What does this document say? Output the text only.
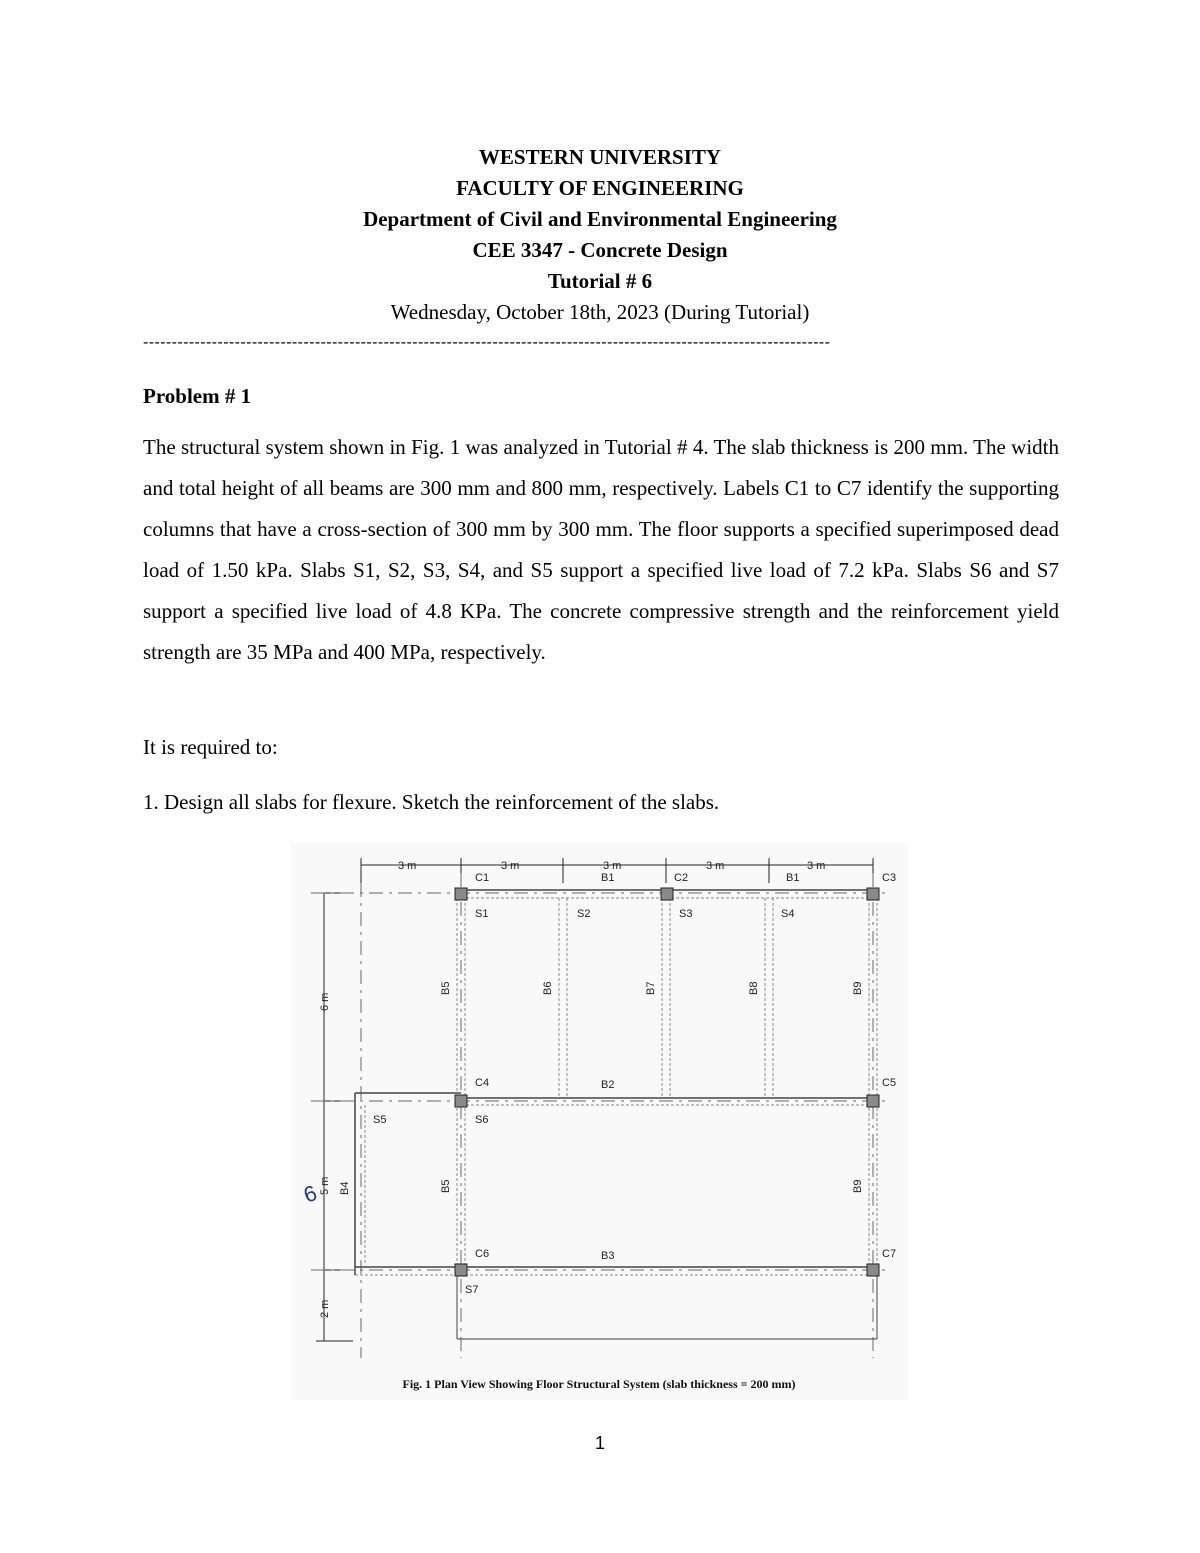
WESTERN UNIVERSITY
FACULTY OF ENGINEERING
Department of Civil and Environmental Engineering
CEE 3347 - Concrete Design
Tutorial # 6
Wednesday, October 18th, 2023 (During Tutorial)
------------------------------------------------------------------------------------------------------------------------
Problem # 1
The structural system shown in Fig. 1 was analyzed in Tutorial # 4. The slab thickness is 200 mm. The width and total height of all beams are 300 mm and 800 mm, respectively. Labels C1 to C7 identify the supporting columns that have a cross-section of 300 mm by 300 mm. The floor supports a specified superimposed dead load of 1.50 kPa. Slabs S1, S2, S3, S4, and S5 support a specified live load of 7.2 kPa. Slabs S6 and S7 support a specified live load of 4.8 KPa. The concrete compressive strength and the reinforcement yield strength are 35 MPa and 400 MPa, respectively.
It is required to:
1. Design all slabs for flexure. Sketch the reinforcement of the slabs.
3 m	3 m	3 m	3 m	3 m
6 m
5 m
2 m
C1	C2	C3
C4	C5
C6	C7
S1	S2	S3	S4
S5	S6
S7
B1	B1
B2
B3
B4
B5
B5
B6	B7	B8	B9
B9
6
Fig. 1 Plan View Showing Floor Structural System (slab thickness = 200 mm)
1
